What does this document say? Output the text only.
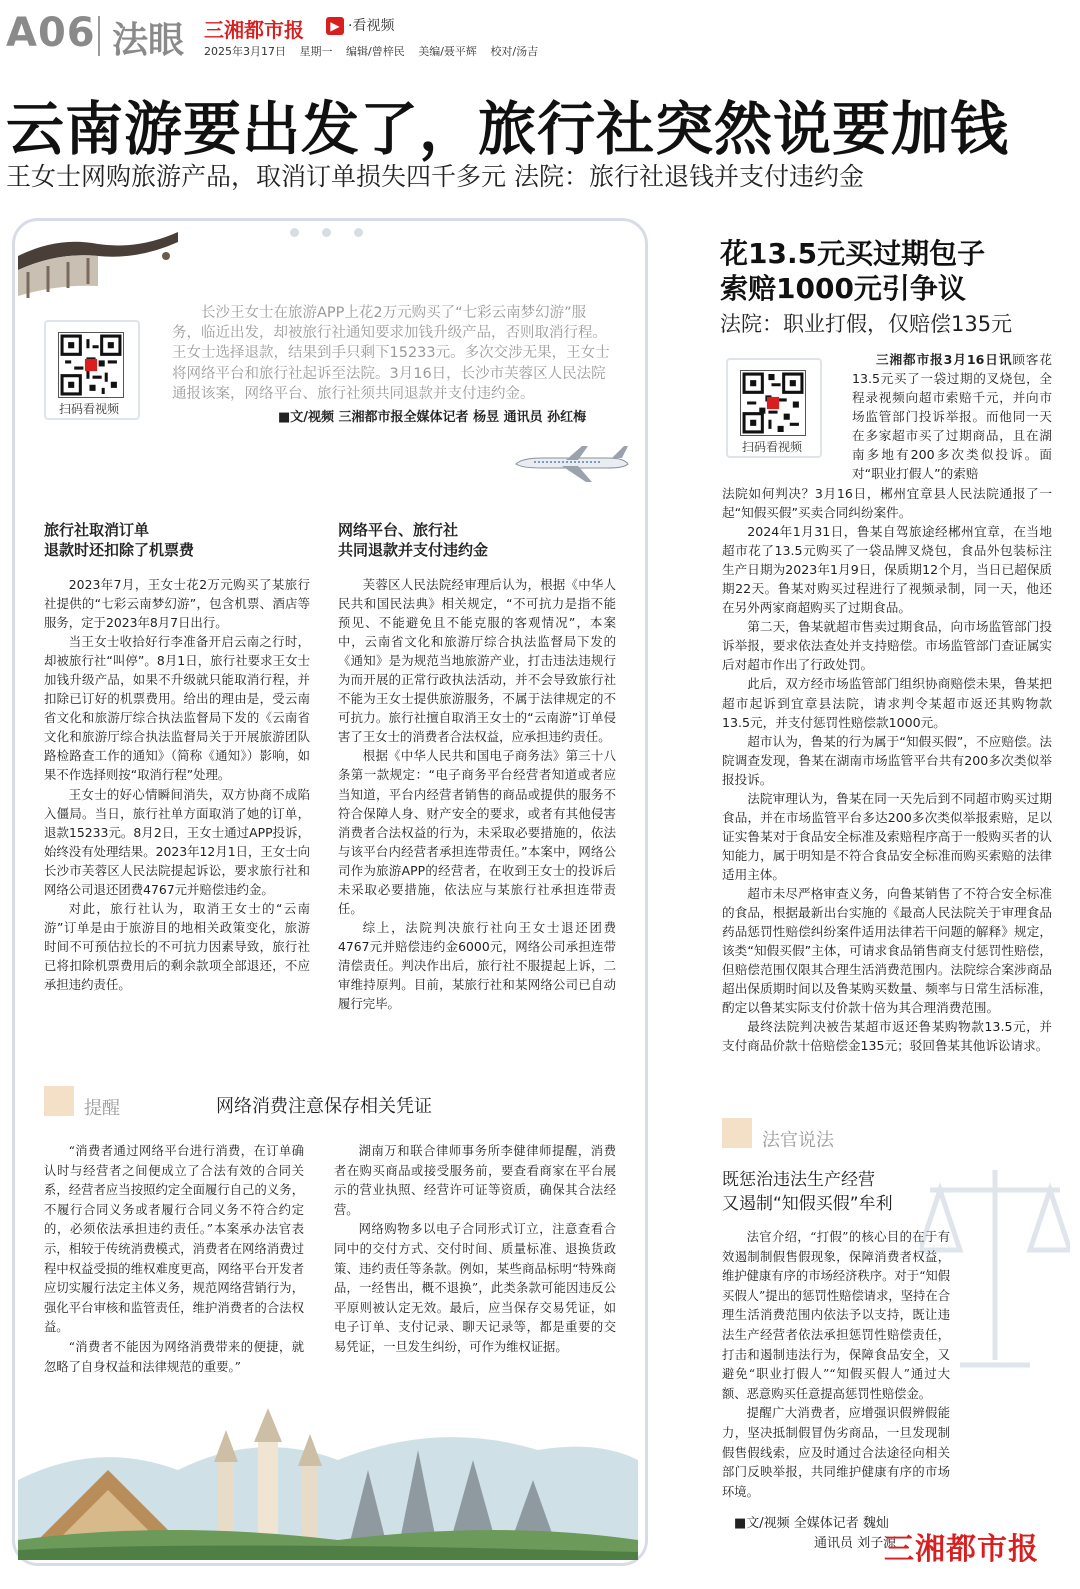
A06 法眼 三湘都市报	▶ ·看视频
2025年3月17日 星期一 编辑/曾梓民 美编/聂平辉 校对/汤吉
云南游要出发了，旅行社突然说要加钱
王女士网购旅游产品，取消订单损失四千多元 法院：旅行社退钱并支付违约金
扫码看视频
长沙王女士在旅游APP上花2万元购买了“七彩云南梦幻游”服务，临近出发，却被旅行社通知要求加钱升级产品，否则取消行程。王女士选择退款，结果到手只剩下15233元。多次交涉无果，王女士将网络平台和旅行社起诉至法院。3月16日，长沙市芙蓉区人民法院通报该案，网络平台、旅行社须共同退款并支付违约金。
■文/视频 三湘都市报全媒体记者 杨昱 通讯员 孙红梅
旅行社取消订单
退款时还扣除了机票费

2023年7月，王女士花2万元购买了某旅行社提供的“七彩云南梦幻游”，包含机票、酒店等服务，定于2023年8月7日出行。

当王女士收拾好行李准备开启云南之行时，却被旅行社“叫停”。8月1日，旅行社要求王女士加钱升级产品，如果不升级就只能取消行程，并扣除已订好的机票费用。给出的理由是，受云南省文化和旅游厅综合执法监督局下发的《云南省文化和旅游厅综合执法监督局关于开展旅游团队路检路查工作的通知》（简称《通知》）影响，如果不作选择则按“取消行程”处理。

王女士的好心情瞬间消失，双方协商不成陷入僵局。当日，旅行社单方面取消了她的订单，退款15233元。8月2日，王女士通过APP投诉，始终没有处理结果。2023年12月1日，王女士向长沙市芙蓉区人民法院提起诉讼，要求旅行社和网络公司退还团费4767元并赔偿违约金。

对此，旅行社认为，取消王女士的“云南游”订单是由于旅游目的地相关政策变化，旅游时间不可预估拉长的不可抗力因素导致，旅行社已将扣除机票费用后的剩余款项全部退还，不应承担违约责任。

网络平台、旅行社
共同退款并支付违约金

芙蓉区人民法院经审理后认为，根据《中华人民共和国民法典》相关规定，“不可抗力是指不能预见、不能避免且不能克服的客观情况”，本案中，云南省文化和旅游厅综合执法监督局下发的《通知》是为规范当地旅游产业，打击违法违规行为而开展的正常行政执法活动，并不会导致旅行社不能为王女士提供旅游服务，不属于法律规定的不可抗力。旅行社擅自取消王女士的“云南游”订单侵害了王女士的消费者合法权益，应承担违约责任。

根据《中华人民共和国电子商务法》第三十八条第一款规定：“电子商务平台经营者知道或者应当知道，平台内经营者销售的商品或提供的服务不符合保障人身、财产安全的要求，或者有其他侵害消费者合法权益的行为，未采取必要措施的，依法与该平台内经营者承担连带责任。”本案中，网络公司作为旅游APP的经营者，在收到王女士的投诉后未采取必要措施，依法应与某旅行社承担连带责任。

综上，法院判决旅行社向王女士退还团费4767元并赔偿违约金6000元，网络公司承担连带清偿责任。判决作出后，旅行社不服提起上诉，二审维持原判。目前，某旅行社和某网络公司已自动履行完毕。

提醒	网络消费注意保存相关凭证

“消费者通过网络平台进行消费，在订单确认时与经营者之间便成立了合法有效的合同关系，经营者应当按照约定全面履行自己的义务，不履行合同义务或者履行合同义务不符合约定的，必须依法承担违约责任。”本案承办法官表示，相较于传统消费模式，消费者在网络消费过程中权益受损的维权难度更高，网络平台开发者应切实履行法定主体义务，规范网络营销行为，强化平台审核和监管责任，维护消费者的合法权益。

“消费者不能因为网络消费带来的便捷，就忽略了自身权益和法律规范的重要。”

湖南万和联合律师事务所李健律师提醒，消费者在购买商品或接受服务前，要查看商家在平台展示的营业执照、经营许可证等资质，确保其合法经营。

网络购物多以电子合同形式订立，注意查看合同中的交付方式、交付时间、质量标准、退换货政策、违约责任等条款。例如，某些商品标明“特殊商品，一经售出，概不退换”，此类条款可能因违反公平原则被认定无效。最后，应当保存交易凭证，如电子订单、支付记录、聊天记录等，都是重要的交易凭证，一旦发生纠纷，可作为维权证据。

花13.5元买过期包子
索赔1000元引争议
法院：职业打假，仅赔偿135元
扫码看视频
三湘都市报3月16日讯顾客花13.5元买了一袋过期的叉烧包，全程录视频向超市索赔千元，并向市场监管部门投诉举报。而他同一天在多家超市买了过期商品，且在湖南多地有200多次类似投诉。面对“职业打假人”的索赔
法院如何判决？3月16日，郴州宜章县人民法院通报了一起“知假买假”买卖合同纠纷案件。

2024年1月31日，鲁某自驾旅途经郴州宜章，在当地超市花了13.5元购买了一袋品牌叉烧包，食品外包装标注生产日期为2023年1月9日，保质期12个月，当日已超保质期22天。鲁某对购买过程进行了视频录制，同一天，他还在另外两家商超购买了过期食品。

第二天，鲁某就超市售卖过期食品，向市场监管部门投诉举报，要求依法查处并支持赔偿。市场监管部门查证属实后对超市作出了行政处罚。

此后，双方经市场监管部门组织协商赔偿未果，鲁某把超市起诉到宜章县法院，请求判令某超市返还其购物款13.5元，并支付惩罚性赔偿款1000元。

超市认为，鲁某的行为属于“知假买假”，不应赔偿。法院调查发现，鲁某在湖南市场监管平台共有200多次类似举报投诉。

法院审理认为，鲁某在同一天先后到不同超市购买过期食品，并在市场监管平台多达200多次类似举报索赔，足以证实鲁某对于食品安全标准及索赔程序高于一般购买者的认知能力，属于明知是不符合食品安全标准而购买索赔的法律适用主体。

超市未尽严格审查义务，向鲁某销售了不符合安全标准的食品，根据最新出台实施的《最高人民法院关于审理食品药品惩罚性赔偿纠纷案件适用法律若干问题的解释》规定，该类“知假买假”主体，可请求食品销售商支付惩罚性赔偿，但赔偿范围仅限其合理生活消费范围内。法院综合案涉商品超出保质期时间以及鲁某购买数量、频率与日常生活标准，酌定以鲁某实际支付价款十倍为其合理消费范围。

最终法院判决被告某超市返还鲁某购物款13.5元，并支付商品价款十倍赔偿金135元；驳回鲁某其他诉讼请求。

法官说法
既惩治违法生产经营
又遏制“知假买假”牟利

法官介绍，“打假”的核心目的在于有效遏制制假售假现象，保障消费者权益，维护健康有序的市场经济秩序。对于“知假买假人”提出的惩罚性赔偿请求，坚持在合理生活消费范围内依法予以支持，既让违法生产经营者依法承担惩罚性赔偿责任，打击和遏制违法行为，保障食品安全，又避免“职业打假人”“知假买假人”通过大额、恶意购买任意提高惩罚性赔偿金。

提醒广大消费者，应增强识假辨假能力，坚决抵制假冒伪劣商品，一旦发现制假售假线索，应及时通过合法途径向相关部门反映举报，共同维护健康有序的市场环境。

■文/视频 全媒体记者 魏灿
通讯员 刘子源
三湘都市报
